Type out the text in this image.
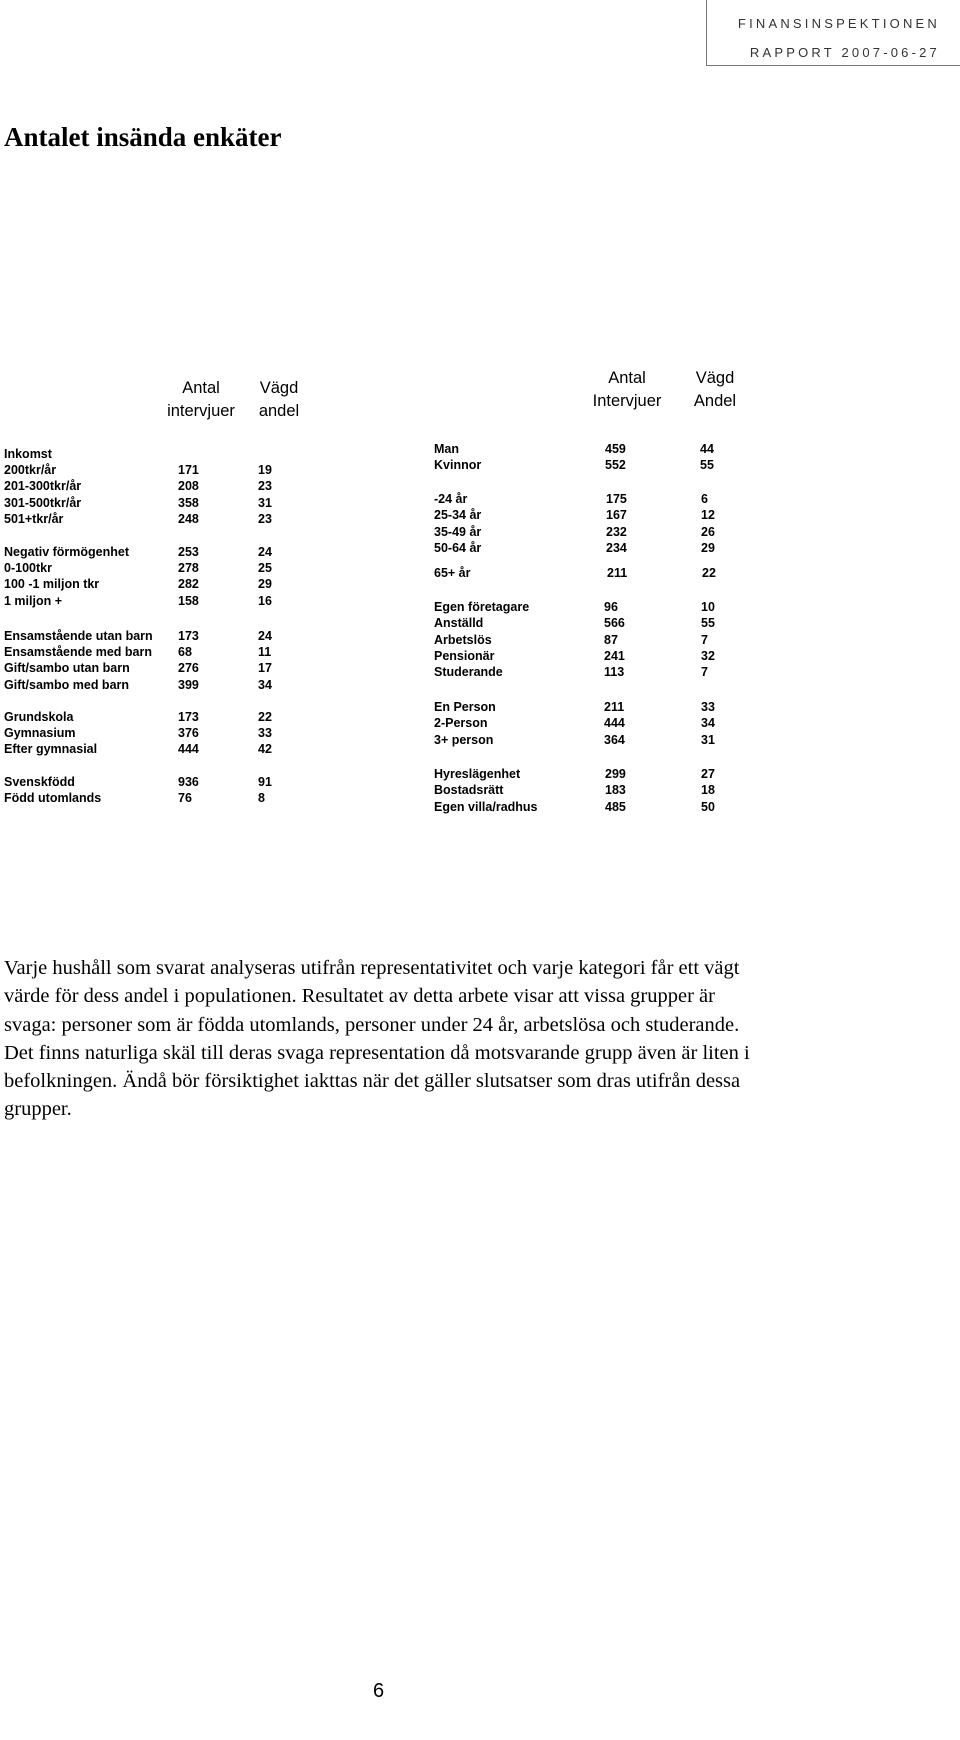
FINANSINSPEKTIONEN
RAPPORT 2007-06-27
Antalet insända enkäter
Antal
intervjuer
Vägd
andel
Antal
Intervjuer
Vägd
Andel
Inkomst
200tkr/år	171	19
201-300tkr/år	208	23
301-500tkr/år	358	31
501+tkr/år	248	23
Negativ förmögenhet	253	24
0-100tkr	278	25
100 -1 miljon tkr	282	29
1 miljon +	158	16
Ensamstående utan barn 173	24
Ensamstående med barn 68	11
Gift/sambo utan barn	276	17
Gift/sambo med barn	399	34
Grundskola	173	22
Gymnasium	376	33
Efter gymnasial	444	42
Svenskfödd	936	91
Född utomlands	76	8
Man	459	44
Kvinnor	552	55
-24 år	175	6
25-34 år	167	12
35-49 år	232	26
50-64 år	234	29
65+ år	211	22
Egen företagare	96	10
Anställd	566	55
Arbetslös	87	7
Pensionär	241	32
Studerande	113	7
En Person	211	33
2-Person	444	34
3+ person	364	31
Hyreslägenhet	299	27
Bostadsrätt	183	18
Egen villa/radhus	485	50

Varje hushåll som svarat analyseras utifrån representativitet och varje kategori får ett vägt värde för dess andel i populationen. Resultatet av detta arbete visar att vissa grupper är svaga: personer som är födda utomlands, personer under 24 år, arbetslösa och studerande. Det finns naturliga skäl till deras svaga representation då motsvarande grupp även är liten i befolkningen. Ändå bör försiktighet iakttas när det gäller slutsatser som dras utifrån dessa grupper.

6
